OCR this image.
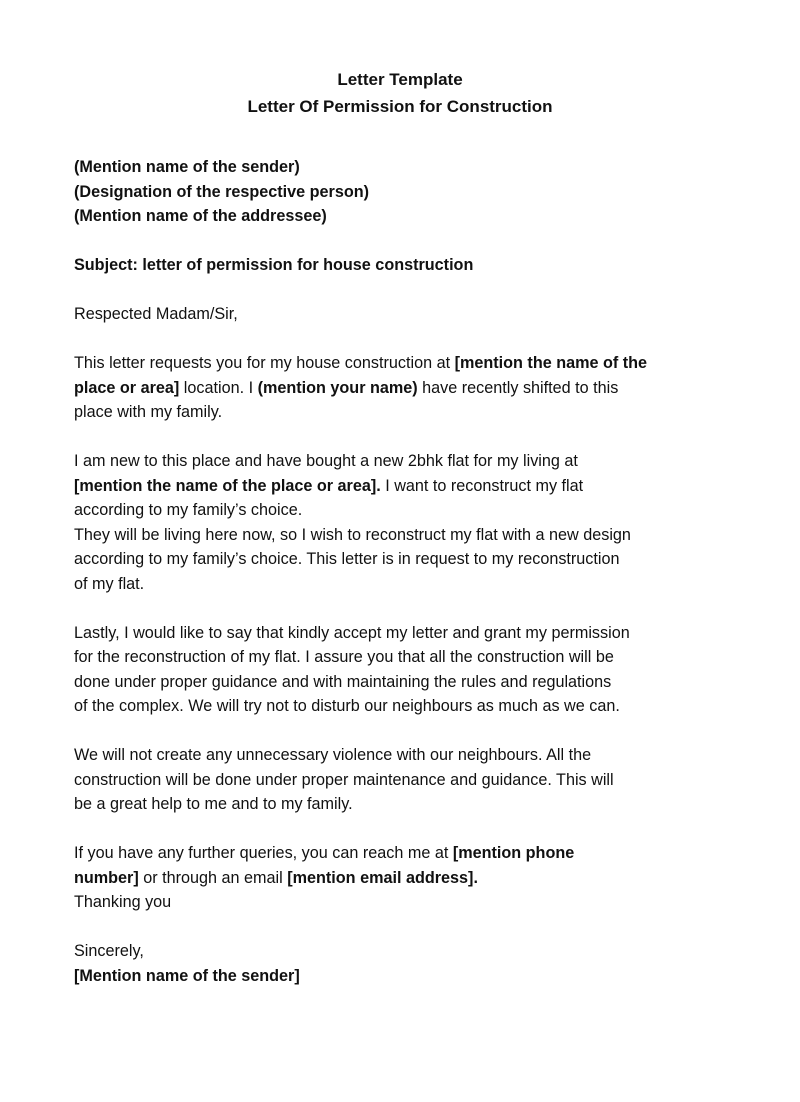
Letter Template
Letter Of Permission for Construction
(Mention name of the sender)
(Designation of the respective person)
(Mention name of the addressee)
Subject: letter of permission for house construction
Respected Madam/Sir,
This letter requests you for my house construction at [mention the name of the
place or area] location. I (mention your name) have recently shifted to this
place with my family.
I am new to this place and have bought a new 2bhk flat for my living at
[mention the name of the place or area]. I want to reconstruct my flat
according to my family’s choice.
They will be living here now, so I wish to reconstruct my flat with a new design
according to my family’s choice. This letter is in request to my reconstruction
of my flat.
Lastly, I would like to say that kindly accept my letter and grant my permission
for the reconstruction of my flat. I assure you that all the construction will be
done under proper guidance and with maintaining the rules and regulations
of the complex. We will try not to disturb our neighbours as much as we can.
We will not create any unnecessary violence with our neighbours. All the
construction will be done under proper maintenance and guidance. This will
be a great help to me and to my family.
If you have any further queries, you can reach me at [mention phone
number] or through an email [mention email address].
Thanking you
Sincerely,
[Mention name of the sender]
